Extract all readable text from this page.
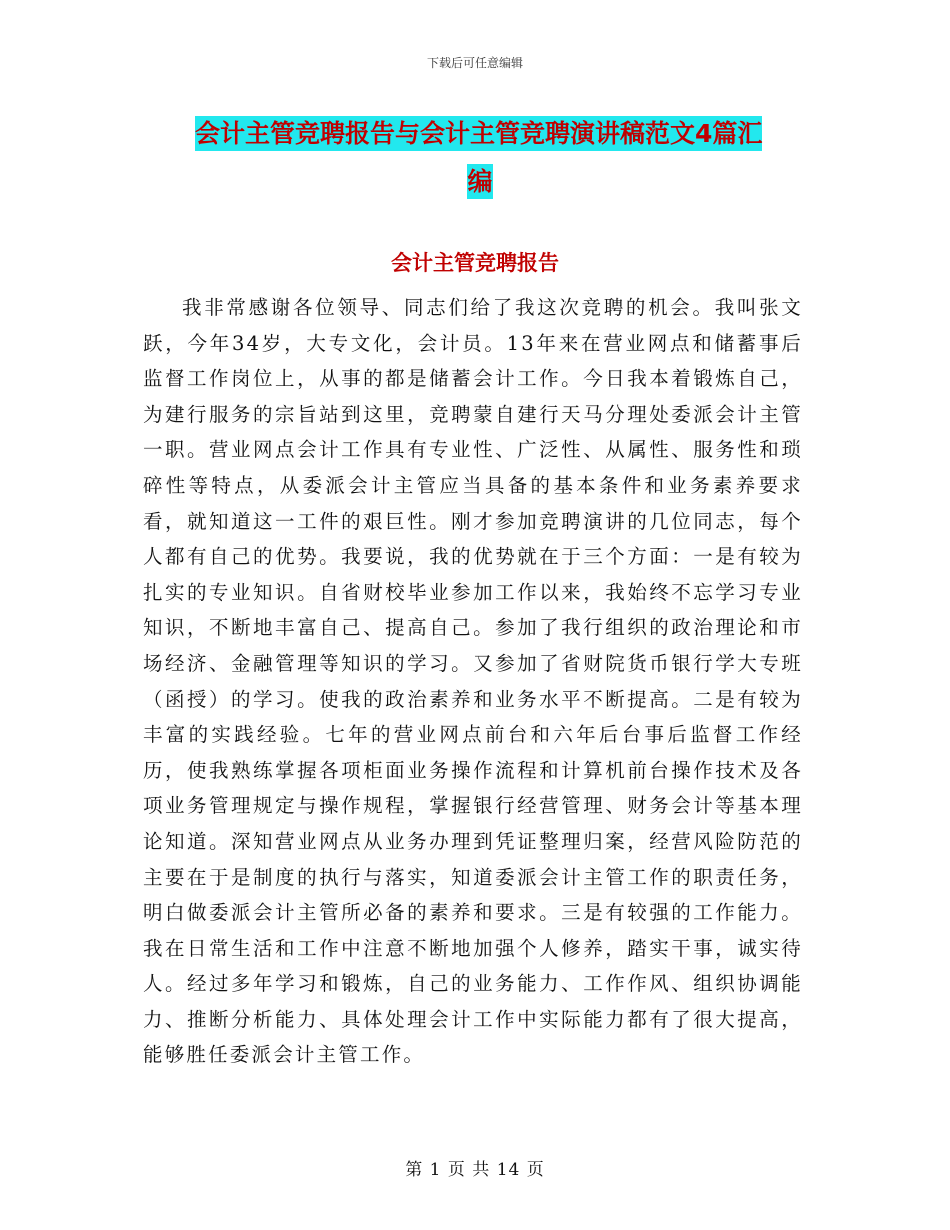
下载后可任意编辑
会计主管竞聘报告与会计主管竞聘演讲稿范文4篇汇
编
会计主管竞聘报告

我非常感谢各位领导、同志们给了我这次竞聘的机会。我叫张文跃，今年34岁，大专文化，会计员。13年来在营业网点和储蓄事后监督工作岗位上，从事的都是储蓄会计工作。今日我本着锻炼自己，为建行服务的宗旨站到这里，竞聘蒙自建行天马分理处委派会计主管一职。营业网点会计工作具有专业性、广泛性、从属性、服务性和琐碎性等特点，从委派会计主管应当具备的基本条件和业务素养要求看，就知道这一工件的艰巨性。刚才参加竞聘演讲的几位同志，每个人都有自己的优势。我要说，我的优势就在于三个方面：一是有较为扎实的专业知识。自省财校毕业参加工作以来，我始终不忘学习专业知识，不断地丰富自己、提高自己。参加了我行组织的政治理论和市场经济、金融管理等知识的学习。又参加了省财院货币银行学大专班（函授）的学习。使我的政治素养和业务水平不断提高。二是有较为丰富的实践经验。七年的营业网点前台和六年后台事后监督工作经历，使我熟练掌握各项柜面业务操作流程和计算机前台操作技术及各项业务管理规定与操作规程，掌握银行经营管理、财务会计等基本理论知道。深知营业网点从业务办理到凭证整理归案，经营风险防范的主要在于是制度的执行与落实，知道委派会计主管工作的职责任务，明白做委派会计主管所必备的素养和要求。三是有较强的工作能力。我在日常生活和工作中注意不断地加强个人修养，踏实干事，诚实待人。经过多年学习和锻炼，自己的业务能力、工作作风、组织协调能力、推断分析能力、具体处理会计工作中实际能力都有了很大提高，能够胜任委派会计主管工作。

第 1 页 共 14 页
